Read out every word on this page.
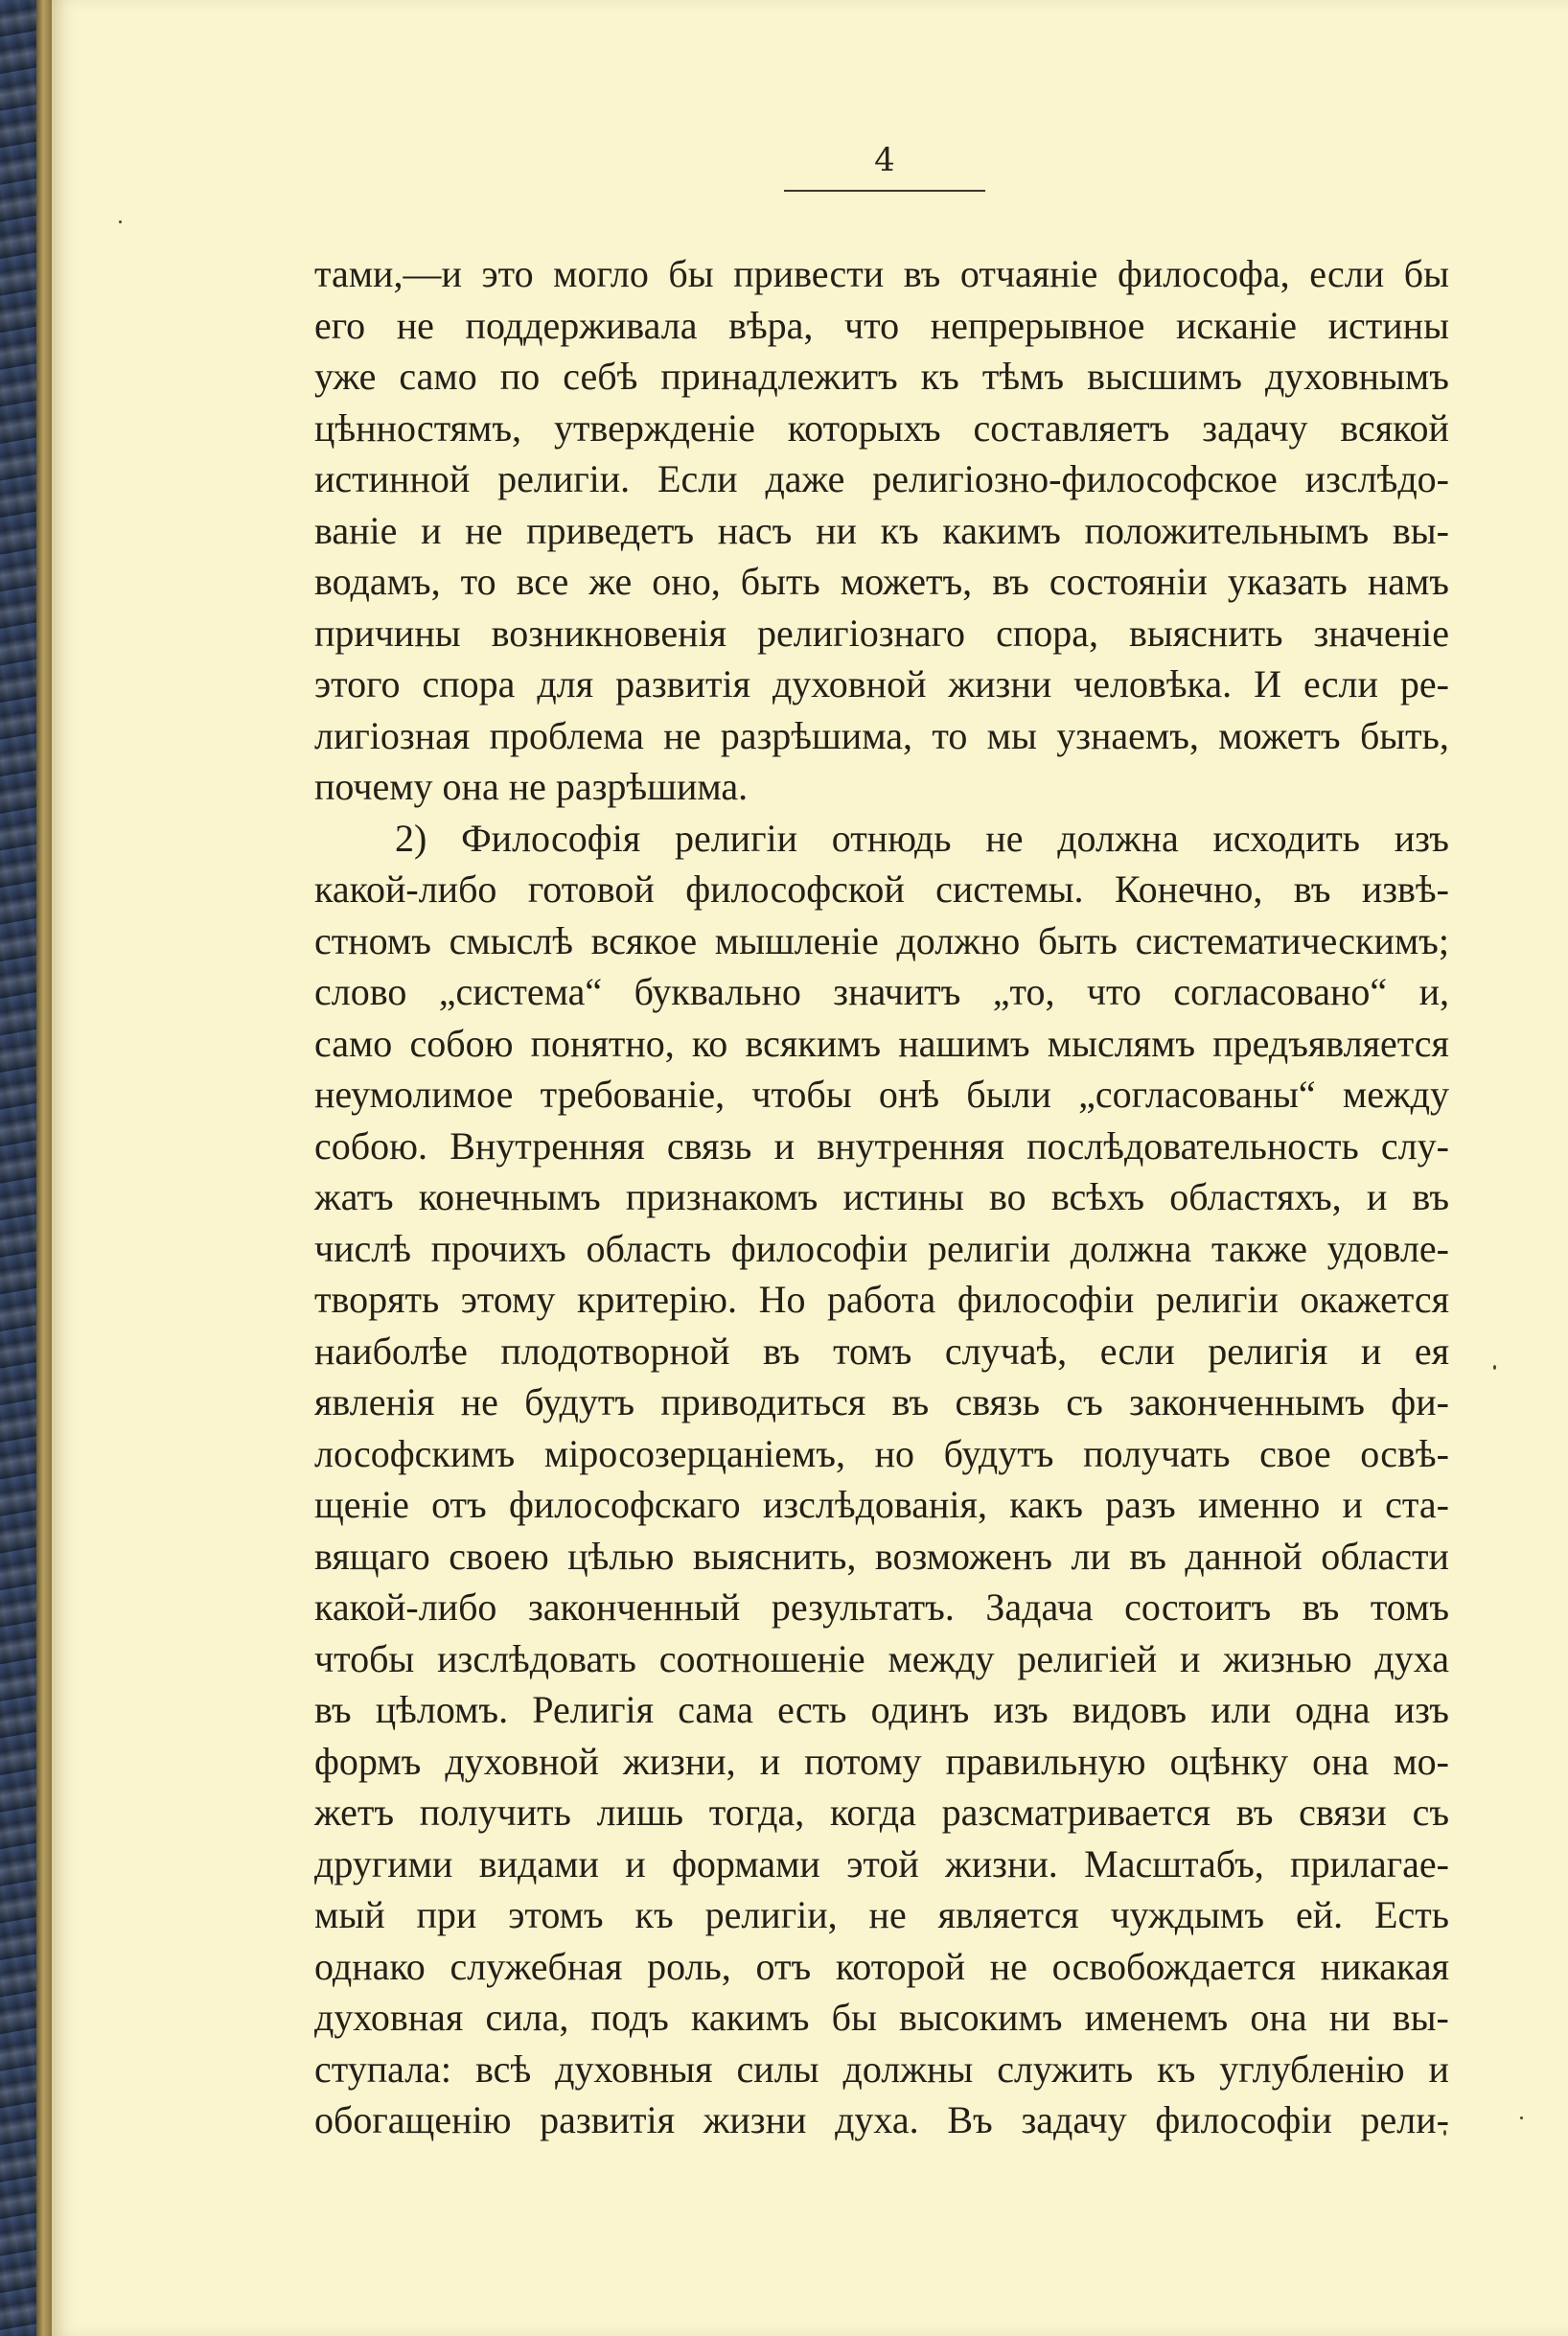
4
тами,—и это могло бы привести въ отчаяніе философа, если бы
его не поддерживала вѣра, что непрерывное исканіе истины
уже само по себѣ принадлежитъ къ тѣмъ высшимъ духовнымъ
цѣнностямъ, утвержденіе которыхъ составляетъ задачу всякой
истинной религіи. Если даже религіозно-философское изслѣдо-
ваніе и не приведетъ насъ ни къ какимъ положительнымъ вы-
водамъ, то все же оно, быть можетъ, въ состояніи указать намъ
причины возникновенія религіознаго спора, выяснить значеніе
этого спора для развитія духовной жизни человѣка. И если ре-
лигіозная проблема не разрѣшима, то мы узнаемъ, можетъ быть,
почему она не разрѣшима.
2) Философія религіи отнюдь не должна исходить изъ
какой-либо готовой философской системы. Конечно, въ извѣ-
стномъ смыслѣ всякое мышленіе должно быть систематическимъ;
слово „система“ буквально значитъ „то, что согласовано“ и,
само собою понятно, ко всякимъ нашимъ мыслямъ предъявляется
неумолимое требованіе, чтобы онѣ были „согласованы“ между
собою. Внутренняя связь и внутренняя послѣдовательность слу-
жатъ конечнымъ признакомъ истины во всѣхъ областяхъ, и въ
числѣ прочихъ область философіи религіи должна также удовле-
творять этому критерію. Но работа философіи религіи окажется
наиболѣе плодотворной въ томъ случаѣ, если религія и ея
явленія не будутъ приводиться въ связь съ законченнымъ фи-
лософскимъ міросозерцаніемъ, но будутъ получать свое освѣ-
щеніе отъ философскаго изслѣдованія, какъ разъ именно и ста-
вящаго своею цѣлью выяснить, возможенъ ли въ данной области
какой-либо законченный результатъ. Задача состоитъ въ томъ
чтобы изслѣдовать соотношеніе между религіей и жизнью духа
въ цѣломъ. Религія сама есть одинъ изъ видовъ или одна изъ
формъ духовной жизни, и потому правильную оцѣнку она мо-
жетъ получить лишь тогда, когда разсматривается въ связи съ
другими видами и формами этой жизни. Масштабъ, прилагае-
мый при этомъ къ религіи, не является чуждымъ ей. Есть
однако служебная роль, отъ которой не освобождается никакая
духовная сила, подъ какимъ бы высокимъ именемъ она ни вы-
ступала: всѣ духовныя силы должны служить къ углубленію и
обогащенію развитія жизни духа. Въ задачу философіи рели-
